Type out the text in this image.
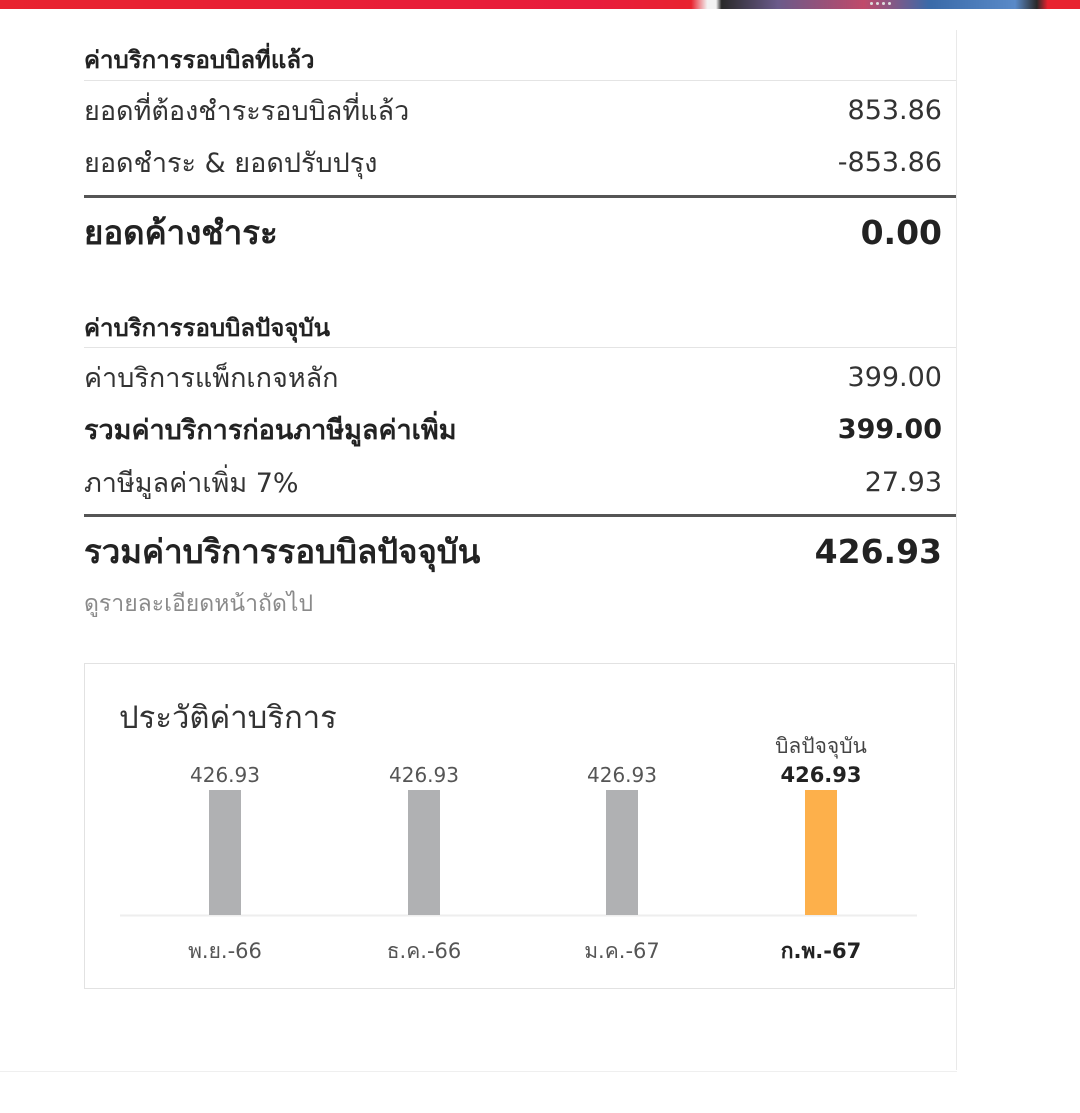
ค่าบริการรอบบิลที่แล้ว
ยอดที่ต้องชำระรอบบิลที่แล้ว	853.86
ยอดชำระ & ยอดปรับปรุง	-853.86
ยอดค้างชำระ	0.00
ค่าบริการรอบบิลปัจจุบัน
ค่าบริการแพ็กเกจหลัก	399.00
รวมค่าบริการก่อนภาษีมูลค่าเพิ่ม	399.00
ภาษีมูลค่าเพิ่ม 7%	27.93
รวมค่าบริการรอบบิลปัจจุบัน	426.93
ดูรายละเอียดหน้าถัดไป
ประวัติค่าบริการ
426.93
พ.ย.-66
426.93
ธ.ค.-66
426.93
ม.ค.-67
426.93
ก.พ.-67
บิลปัจจุบัน
